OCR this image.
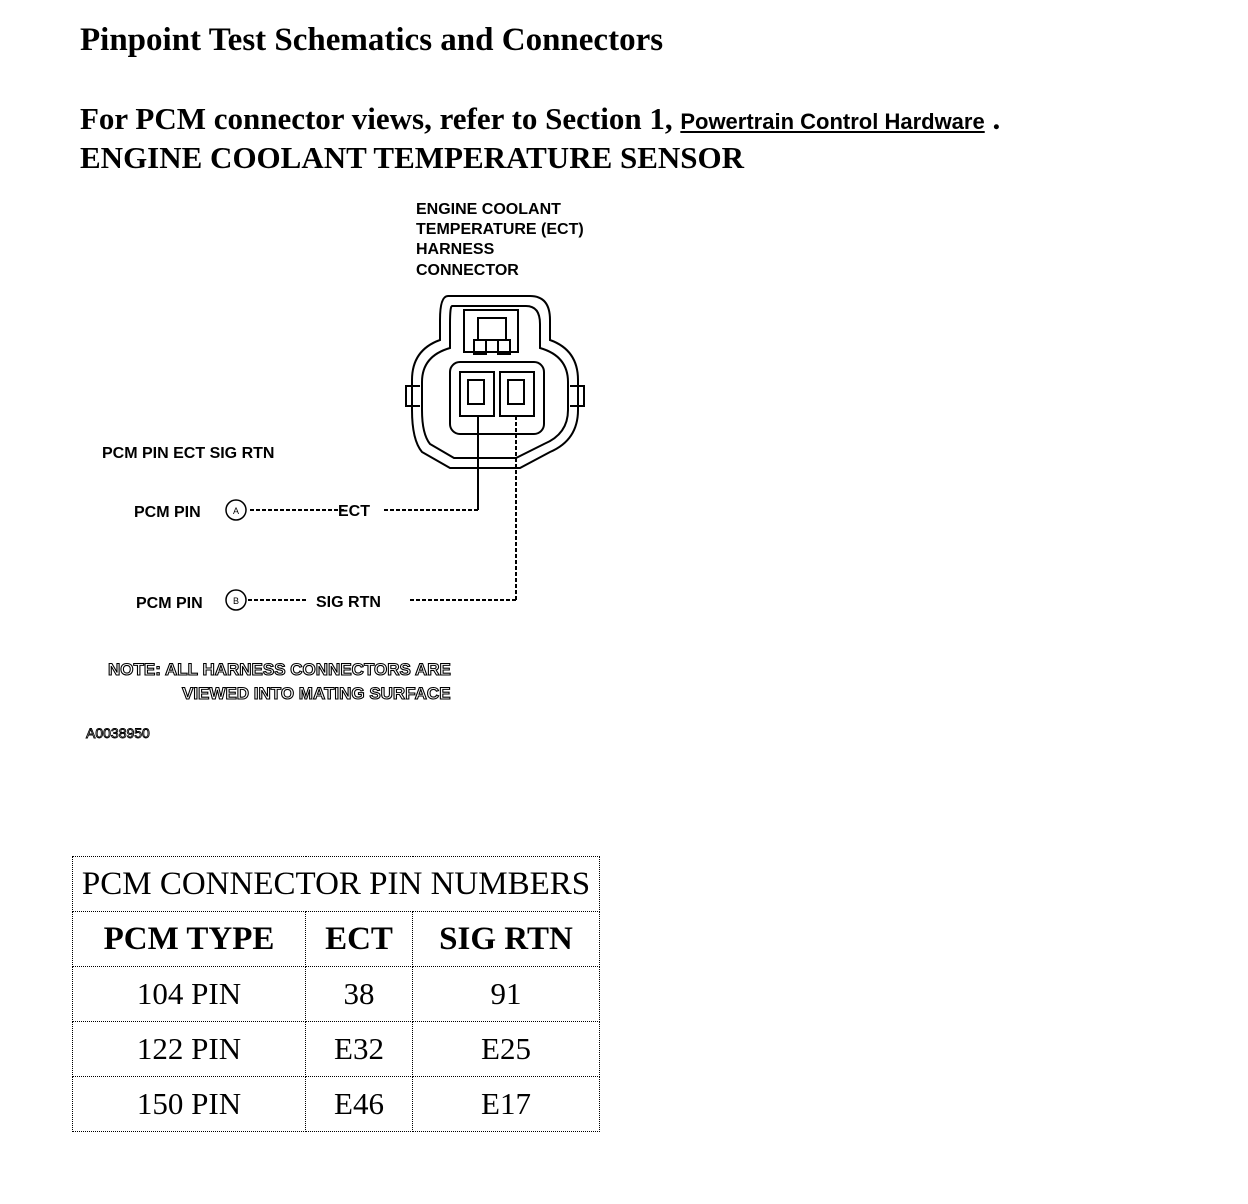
Pinpoint Test Schematics and Connectors
For PCM connector views, refer to Section 1, Powertrain Control Hardware .
ENGINE COOLANT TEMPERATURE SENSOR
ENGINE COOLANT
TEMPERATURE (ECT)
HARNESS
CONNECTOR
PCM PIN ECT SIG RTN
PCM PIN	A	ECT
PCM PIN	B	SIG RTN
NOTE: ALL HARNESS CONNECTORS ARE
VIEWED INTO MATING SURFACE
A0038950
PCM CONNECTOR PIN NUMBERS		
PCM TYPE	ECT	SIG RTN
104 PIN	38	91
122 PIN	E32	E25
150 PIN	E46	E17
